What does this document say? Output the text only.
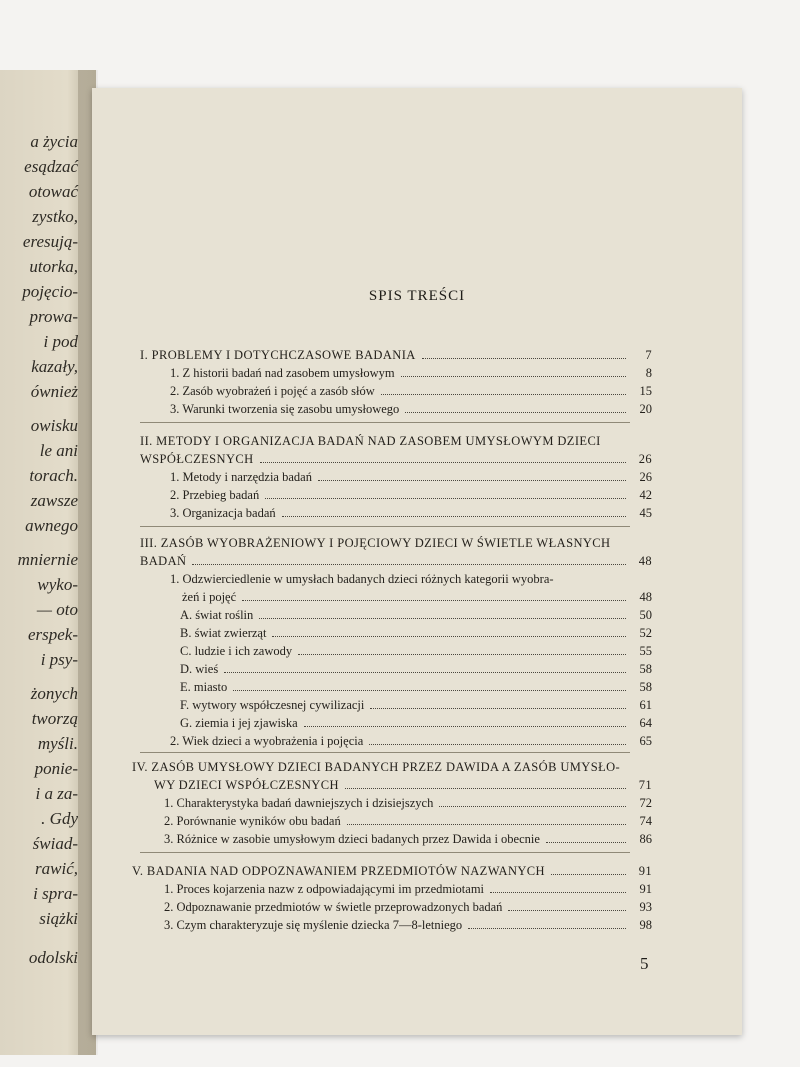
a życia
esądzać
otować
zystko,
eresują-
utorka,
pojęcio-
prowa-
i pod
kazały,
ównież
owisku
le ani
torach.
zawsze
awnego
mniernie
wyko-
— oto
erspek-
i psy-
żonych
tworzą
myśli.
ponie-
i a za-
. Gdy
świad-
rawić,
i spra-
siążki
odolski
SPIS TREŚCI
I. PROBLEMY I DOTYCHCZASOWE BADANIA	7
1. Z historii badań nad zasobem umysłowym	8
2. Zasób wyobrażeń i pojęć a zasób słów	15
3. Warunki tworzenia się zasobu umysłowego	20
II. METODY I ORGANIZACJA BADAŃ NAD ZASOBEM UMYSŁOWYM DZIECI
WSPÓŁCZESNYCH	26
1. Metody i narzędzia badań	26
2. Przebieg badań	42
3. Organizacja badań	45
III. ZASÓB WYOBRAŻENIOWY I POJĘCIOWY DZIECI W ŚWIETLE WŁASNYCH
BADAŃ	48
1. Odzwierciedlenie w umysłach badanych dzieci różnych kategorii wyobra-
żeń i pojęć	48
A. świat roślin	50
B. świat zwierząt	52
C. ludzie i ich zawody	55
D. wieś	58
E. miasto	58
F. wytwory współczesnej cywilizacji	61
G. ziemia i jej zjawiska	64
2. Wiek dzieci a wyobrażenia i pojęcia	65
IV. ZASÓB UMYSŁOWY DZIECI BADANYCH PRZEZ DAWIDA A ZASÓB UMYSŁO-
WY DZIECI WSPÓŁCZESNYCH	71
1. Charakterystyka badań dawniejszych i dzisiejszych	72
2. Porównanie wyników obu badań	74
3. Różnice w zasobie umysłowym dzieci badanych przez Dawida i obecnie	86
V. BADANIA NAD ODPOZNAWANIEM PRZEDMIOTÓW NAZWANYCH	91
1. Proces kojarzenia nazw z odpowiadającymi im przedmiotami	91
2. Odpoznawanie przedmiotów w świetle przeprowadzonych badań	93
3. Czym charakteryzuje się myślenie dziecka 7—8-letniego	98
5
